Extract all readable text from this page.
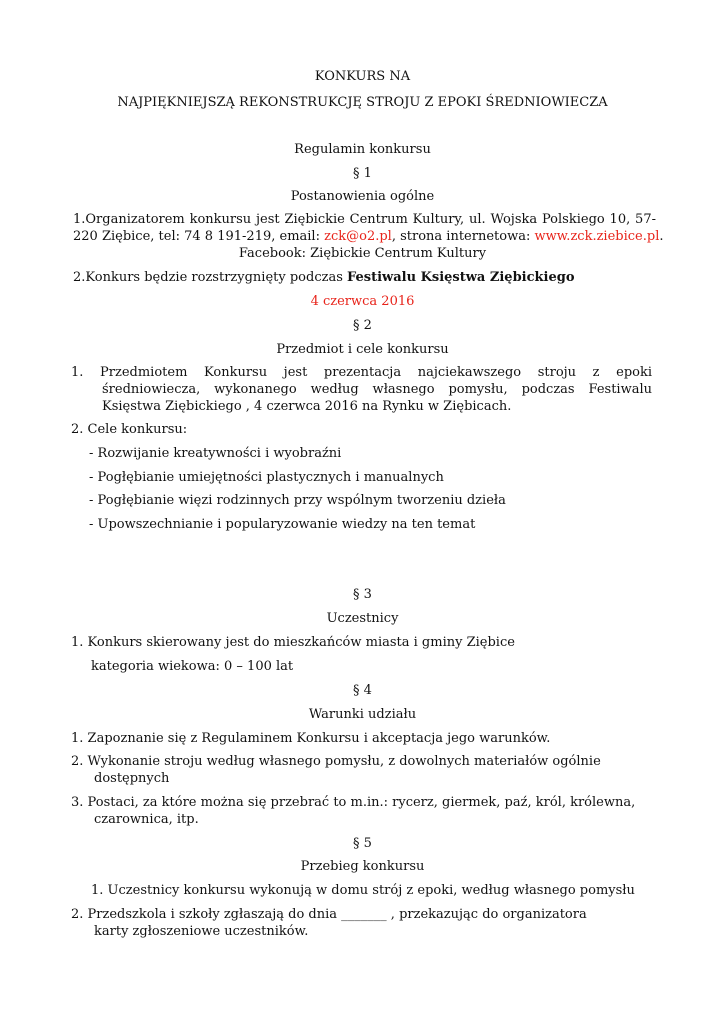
KONKURS NA
NAJPIĘKNIEJSZĄ REKONSTRUKCJĘ STROJU Z EPOKI ŚREDNIOWIECZA
Regulamin konkursu
§ 1
Postanowienia ogólne
1.Organizatorem konkursu jest Ziębickie Centrum Kultury, ul. Wojska Polskiego 10, 57-
220 Ziębice, tel: 74 8 191-219, email: zck@o2.pl, strona internetowa: www.zck.ziebice.pl.
Facebook: Ziębickie Centrum Kultury
2.Konkurs będzie rozstrzygnięty podczas Festiwalu Księstwa Ziębickiego
4 czerwca 2016
§ 2
Przedmiot i cele konkursu
1. Przedmiotem Konkursu jest prezentacja najciekawszego stroju z epoki
średniowiecza, wykonanego według własnego pomysłu, podczas Festiwalu
Księstwa Ziębickiego , 4 czerwca 2016 na Rynku w Ziębicach.
2. Cele konkursu:
- Rozwijanie kreatywności i wyobraźni
- Pogłębianie umiejętności plastycznych i manualnych
- Pogłębianie więzi rodzinnych przy wspólnym tworzeniu dzieła
- Upowszechnianie i popularyzowanie wiedzy na ten temat
§ 3
Uczestnicy
1. Konkurs skierowany jest do mieszkańców miasta i gminy Ziębice
kategoria wiekowa: 0 – 100 lat
§ 4
Warunki udziału
1. Zapoznanie się z Regulaminem Konkursu i akceptacja jego warunków.
2. Wykonanie stroju według własnego pomysłu, z dowolnych materiałów ogólnie
dostępnych
3. Postaci, za które można się przebrać to m.in.: rycerz, giermek, paź, król, królewna,
czarownica, itp.
§ 5
Przebieg konkursu
1. Uczestnicy konkursu wykonują w domu strój z epoki, według własnego pomysłu
2. Przedszkola i szkoły zgłaszają do dnia _______ , przekazując do organizatora
karty zgłoszeniowe uczestników.
